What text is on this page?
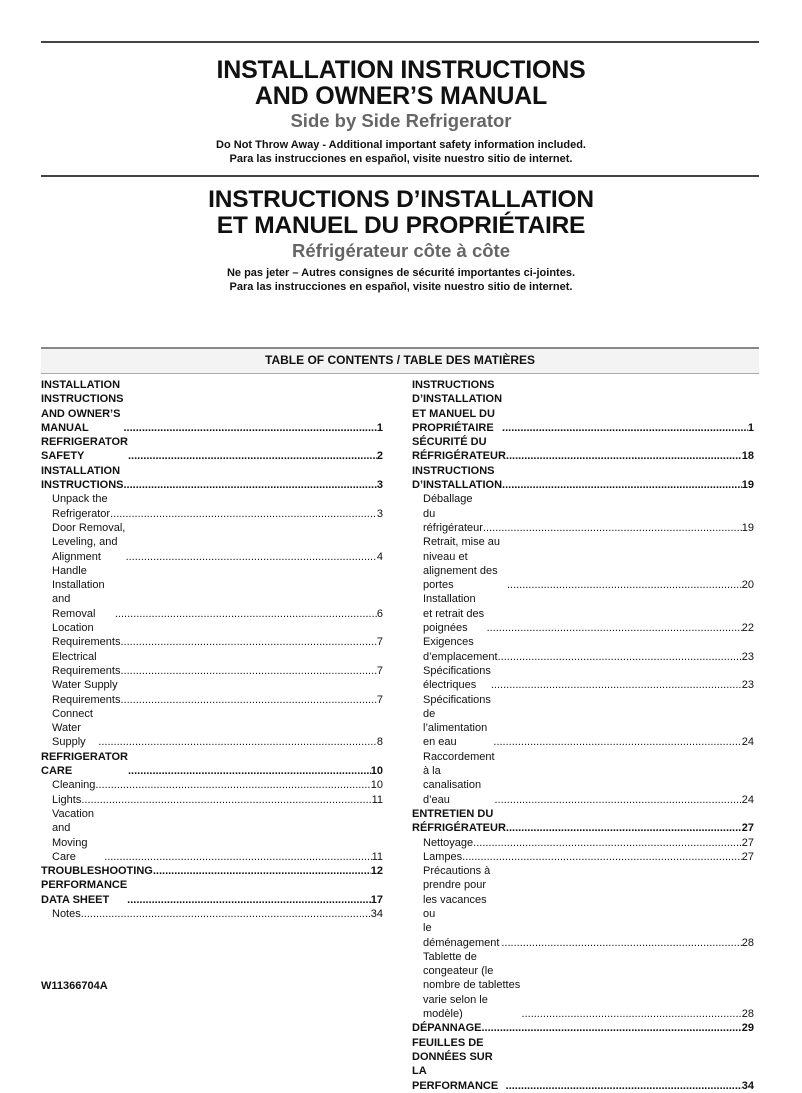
INSTALLATION INSTRUCTIONS
AND OWNER’S MANUAL
Side by Side Refrigerator
Do Not Throw Away - Additional important safety information included.
Para las instrucciones en español, visite nuestro sitio de internet.
INSTRUCTIONS D’INSTALLATION
ET MANUEL DU PROPRIÉTAIRE
Réfrigérateur côte à côte
Ne pas jeter – Autres consignes de sécurité importantes ci-jointes.
Para las instrucciones en español, visite nuestro sitio de internet.
TABLE OF CONTENTS / TABLE DES MATIÈRES
INSTALLATION INSTRUCTIONS
AND OWNER’S MANUAL .....	1
REFRIGERATOR SAFETY .....	2
INSTALLATION INSTRUCTIONS .....	3
Unpack the Refrigerator .....	3
Door Removal, Leveling, and Alignment .....	4
Handle Installation and Removal .....	6
Location Requirements .....	7
Electrical Requirements .....	7
Water Supply Requirements .....	7
Connect Water Supply .....	8
REFRIGERATOR CARE .....	10
Cleaning .....	10
Lights .....	11
Vacation and Moving Care .....	11
TROUBLESHOOTING .....	12
PERFORMANCE DATA SHEET .....	17
Notes .....	34
INSTRUCTIONS D’INSTALLATION
ET MANUEL DU PROPRIÉTAIRE .....	1
SÉCURITÉ DU RÉFRIGÉRATEUR .....	18
INSTRUCTIONS D’INSTALLATION .....	19
Déballage du réfrigérateur .....	19
Retrait, mise au niveau et alignement des portes .....	20
Installation et retrait des poignées .....	22
Exigences d’emplacement .....	23
Spécifications électriques .....	23
Spécifications de l’alimentation en eau .....	24
Raccordement à la canalisation d’eau .....	24
ENTRETIEN DU RÉFRIGÉRATEUR .....	27
Nettoyage .....	27
Lampes .....	27
Précautions à prendre pour les vacances ou
le déménagement .....	28
Tablette de congeateur (le nombre de tablettes varie selon le
modèle) .....	28
DÉPANNAGE .....	29
FEUILLES DE DONNÉES SUR LA PERFORMANCE .....	34
W11366704A
